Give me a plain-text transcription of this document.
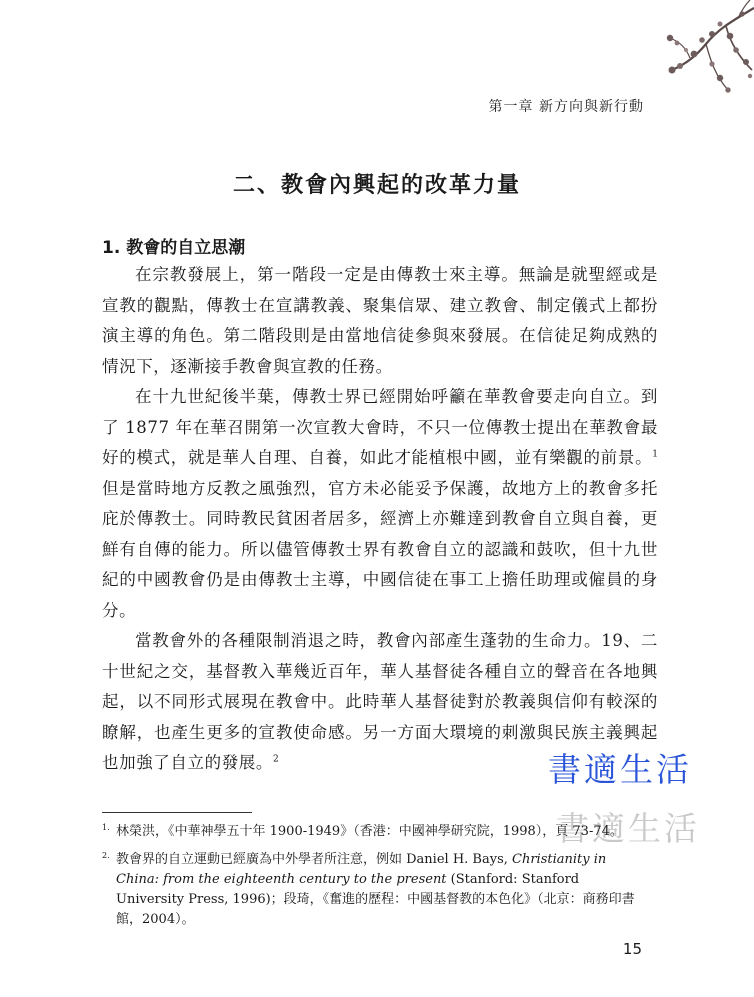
第一章 新方向與新行動
二、教會內興起的改革力量
1. 教會的自立思潮

在宗教發展上，第一階段一定是由傳教士來主導。無論是就聖經或是宣教的觀點，傳教士在宣講教義、聚集信眾、建立教會、制定儀式上都扮演主導的角色。第二階段則是由當地信徒參與來發展。在信徒足夠成熟的情況下，逐漸接手教會與宣教的任務。

在十九世紀後半葉，傳教士界已經開始呼籲在華教會要走向自立。到了 1877 年在華召開第一次宣教大會時，不只一位傳教士提出在華教會最好的模式，就是華人自理、自養，如此才能植根中國，並有樂觀的前景。$^1$但是當時地方反教之風強烈，官方未必能妥予保護，故地方上的教會多托庇於傳教士。同時教民貧困者居多，經濟上亦難達到教會自立與自養，更鮮有自傳的能力。所以儘管傳教士界有教會自立的認識和鼓吹，但十九世紀的中國教會仍是由傳教士主導，中國信徒在事工上擔任助理或僱員的身分。

當教會外的各種限制消退之時，教會內部產生蓬勃的生命力。19、二十世紀之交，基督教入華幾近百年，華人基督徒各種自立的聲音在各地興起，以不同形式展現在教會中。此時華人基督徒對於教義與信仰有較深的瞭解，也產生更多的宣教使命感。另一方面大環境的刺激與民族主義興起也加強了自立的發展。$^2$	書適生活
書適生活
1. 林榮洪，《中華神學五十年 1900-1949》（香港：中國神學研究院，1998），頁 73-74。
2. 教會界的自立運動已經廣為中外學者所注意，例如 Daniel H. Bays, Christianity in China: from the eighteenth century to the present (Stanford: Stanford University Press, 1996)；段琦，《奮進的歷程：中國基督教的本色化》（北京：商務印書館，2004）。
15
